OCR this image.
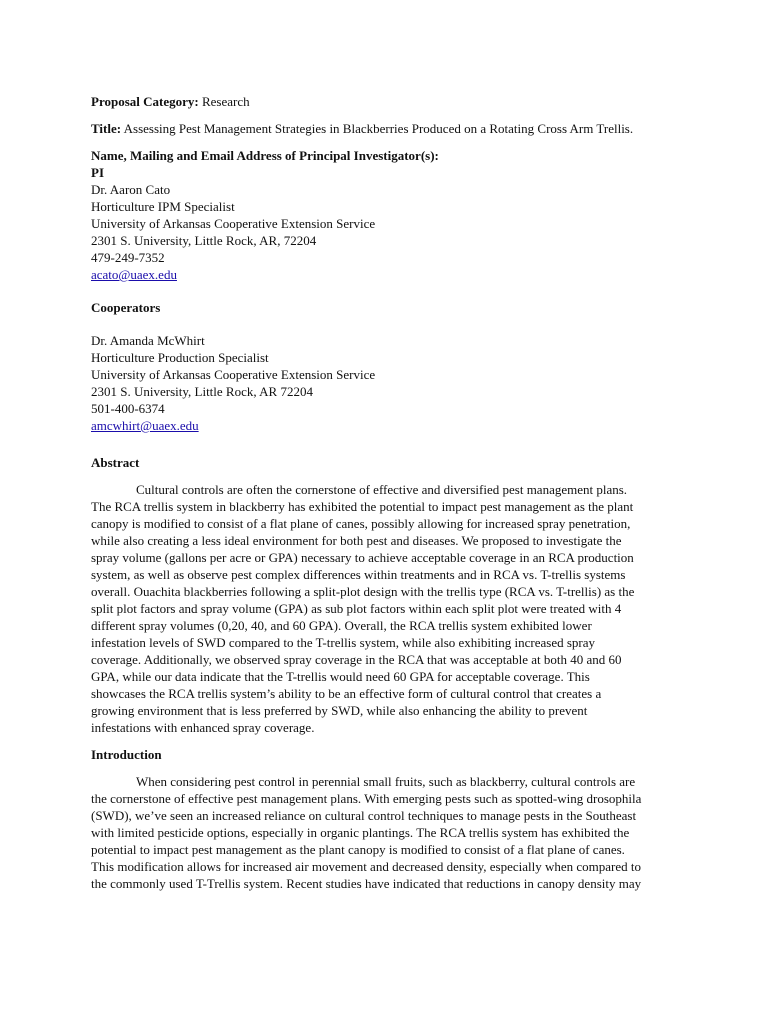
Proposal Category: Research

Title: Assessing Pest Management Strategies in Blackberries Produced on a Rotating Cross Arm Trellis.

Name, Mailing and Email Address of Principal Investigator(s):

PI

Dr. Aaron Cato

Horticulture IPM Specialist

University of Arkansas Cooperative Extension Service

2301 S. University, Little Rock, AR, 72204

479-249-7352

acato@uaex.edu

Cooperators

Dr. Amanda McWhirt

Horticulture Production Specialist

University of Arkansas Cooperative Extension Service

2301 S. University, Little Rock, AR 72204

501-400-6374

amcwhirt@uaex.edu

Abstract

Cultural controls are often the cornerstone of effective and diversified pest management plans.

The RCA trellis system in blackberry has exhibited the potential to impact pest management as the plant

canopy is modified to consist of a flat plane of canes, possibly allowing for increased spray penetration,

while also creating a less ideal environment for both pest and diseases. We proposed to investigate the

spray volume (gallons per acre or GPA) necessary to achieve acceptable coverage in an RCA production

system, as well as observe pest complex differences within treatments and in RCA vs. T-trellis systems

overall. Ouachita blackberries following a split-plot design with the trellis type (RCA vs. T-trellis) as the

split plot factors and spray volume (GPA) as sub plot factors within each split plot were treated with 4

different spray volumes (0,20, 40, and 60 GPA). Overall, the RCA trellis system exhibited lower

infestation levels of SWD compared to the T-trellis system, while also exhibiting increased spray

coverage. Additionally, we observed spray coverage in the RCA that was acceptable at both 40 and 60

GPA, while our data indicate that the T-trellis would need 60 GPA for acceptable coverage. This

showcases the RCA trellis system’s ability to be an effective form of cultural control that creates a

growing environment that is less preferred by SWD, while also enhancing the ability to prevent

infestations with enhanced spray coverage.

Introduction

When considering pest control in perennial small fruits, such as blackberry, cultural controls are

the cornerstone of effective pest management plans. With emerging pests such as spotted-wing drosophila

(SWD), we’ve seen an increased reliance on cultural control techniques to manage pests in the Southeast

with limited pesticide options, especially in organic plantings. The RCA trellis system has exhibited the

potential to impact pest management as the plant canopy is modified to consist of a flat plane of canes.

This modification allows for increased air movement and decreased density, especially when compared to

the commonly used T-Trellis system. Recent studies have indicated that reductions in canopy density may
